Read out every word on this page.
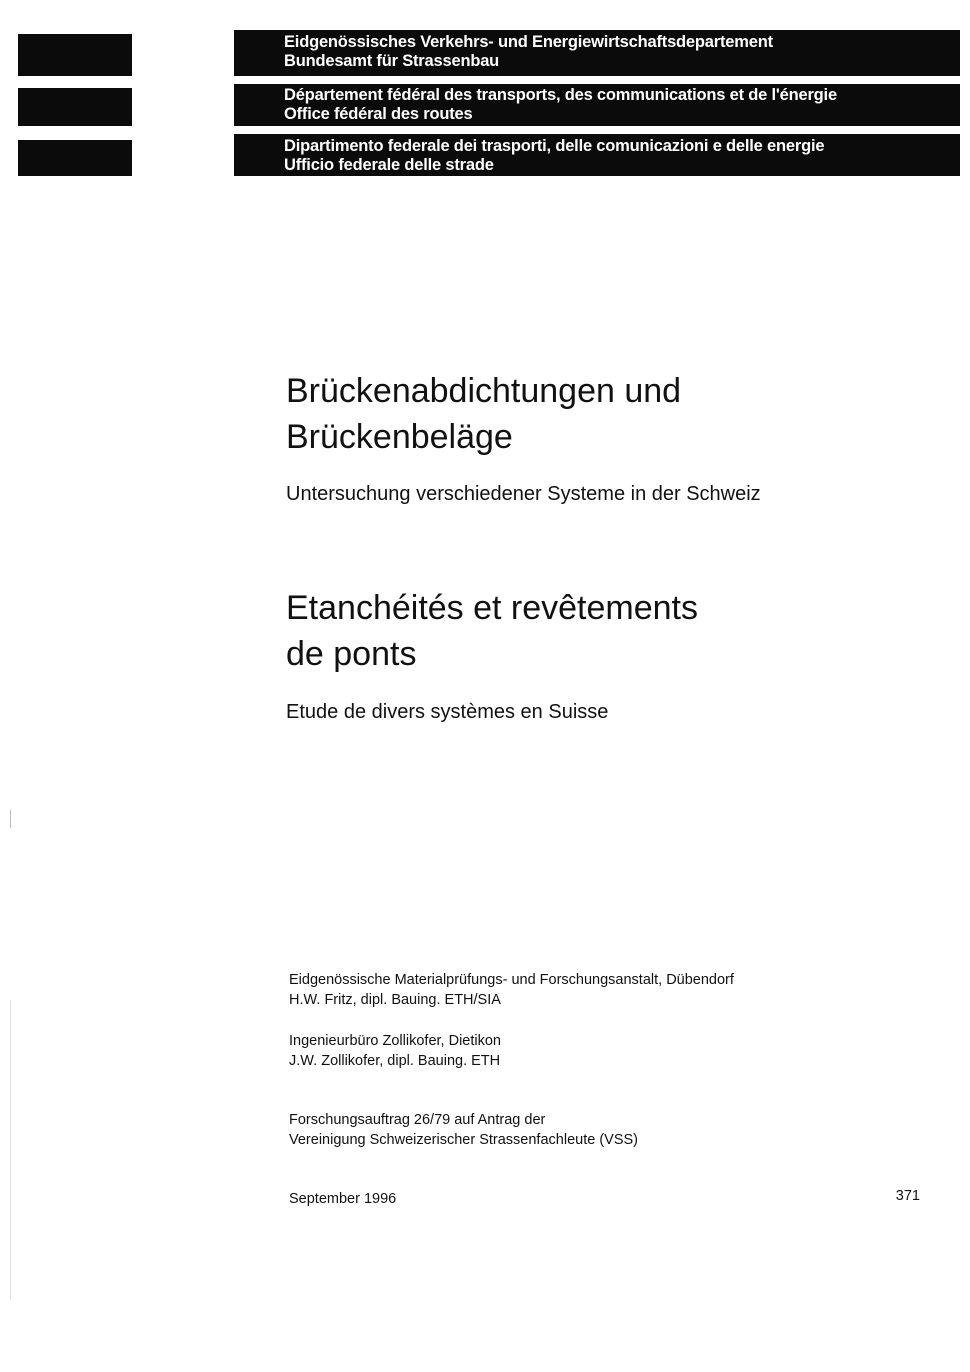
Eidgenössisches Verkehrs- und Energiewirtschaftsdepartement
Bundesamt für Strassenbau
Département fédéral des transports, des communications et de l'énergie
Office fédéral des routes
Dipartimento federale dei trasporti, delle comunicazioni e delle energie
Ufficio federale delle strade
Brückenabdichtungen und
Brückenbeläge
Untersuchung verschiedener Systeme in der Schweiz
Etanchéités et revêtements
de ponts
Etude de divers systèmes en Suisse
Eidgenössische Materialprüfungs- und Forschungsanstalt, Dübendorf
H.W. Fritz, dipl. Bauing. ETH/SIA
Ingenieurbüro Zollikofer, Dietikon
J.W. Zollikofer, dipl. Bauing. ETH
Forschungsauftrag 26/79 auf Antrag der
Vereinigung Schweizerischer Strassenfachleute (VSS)
September 1996	371
